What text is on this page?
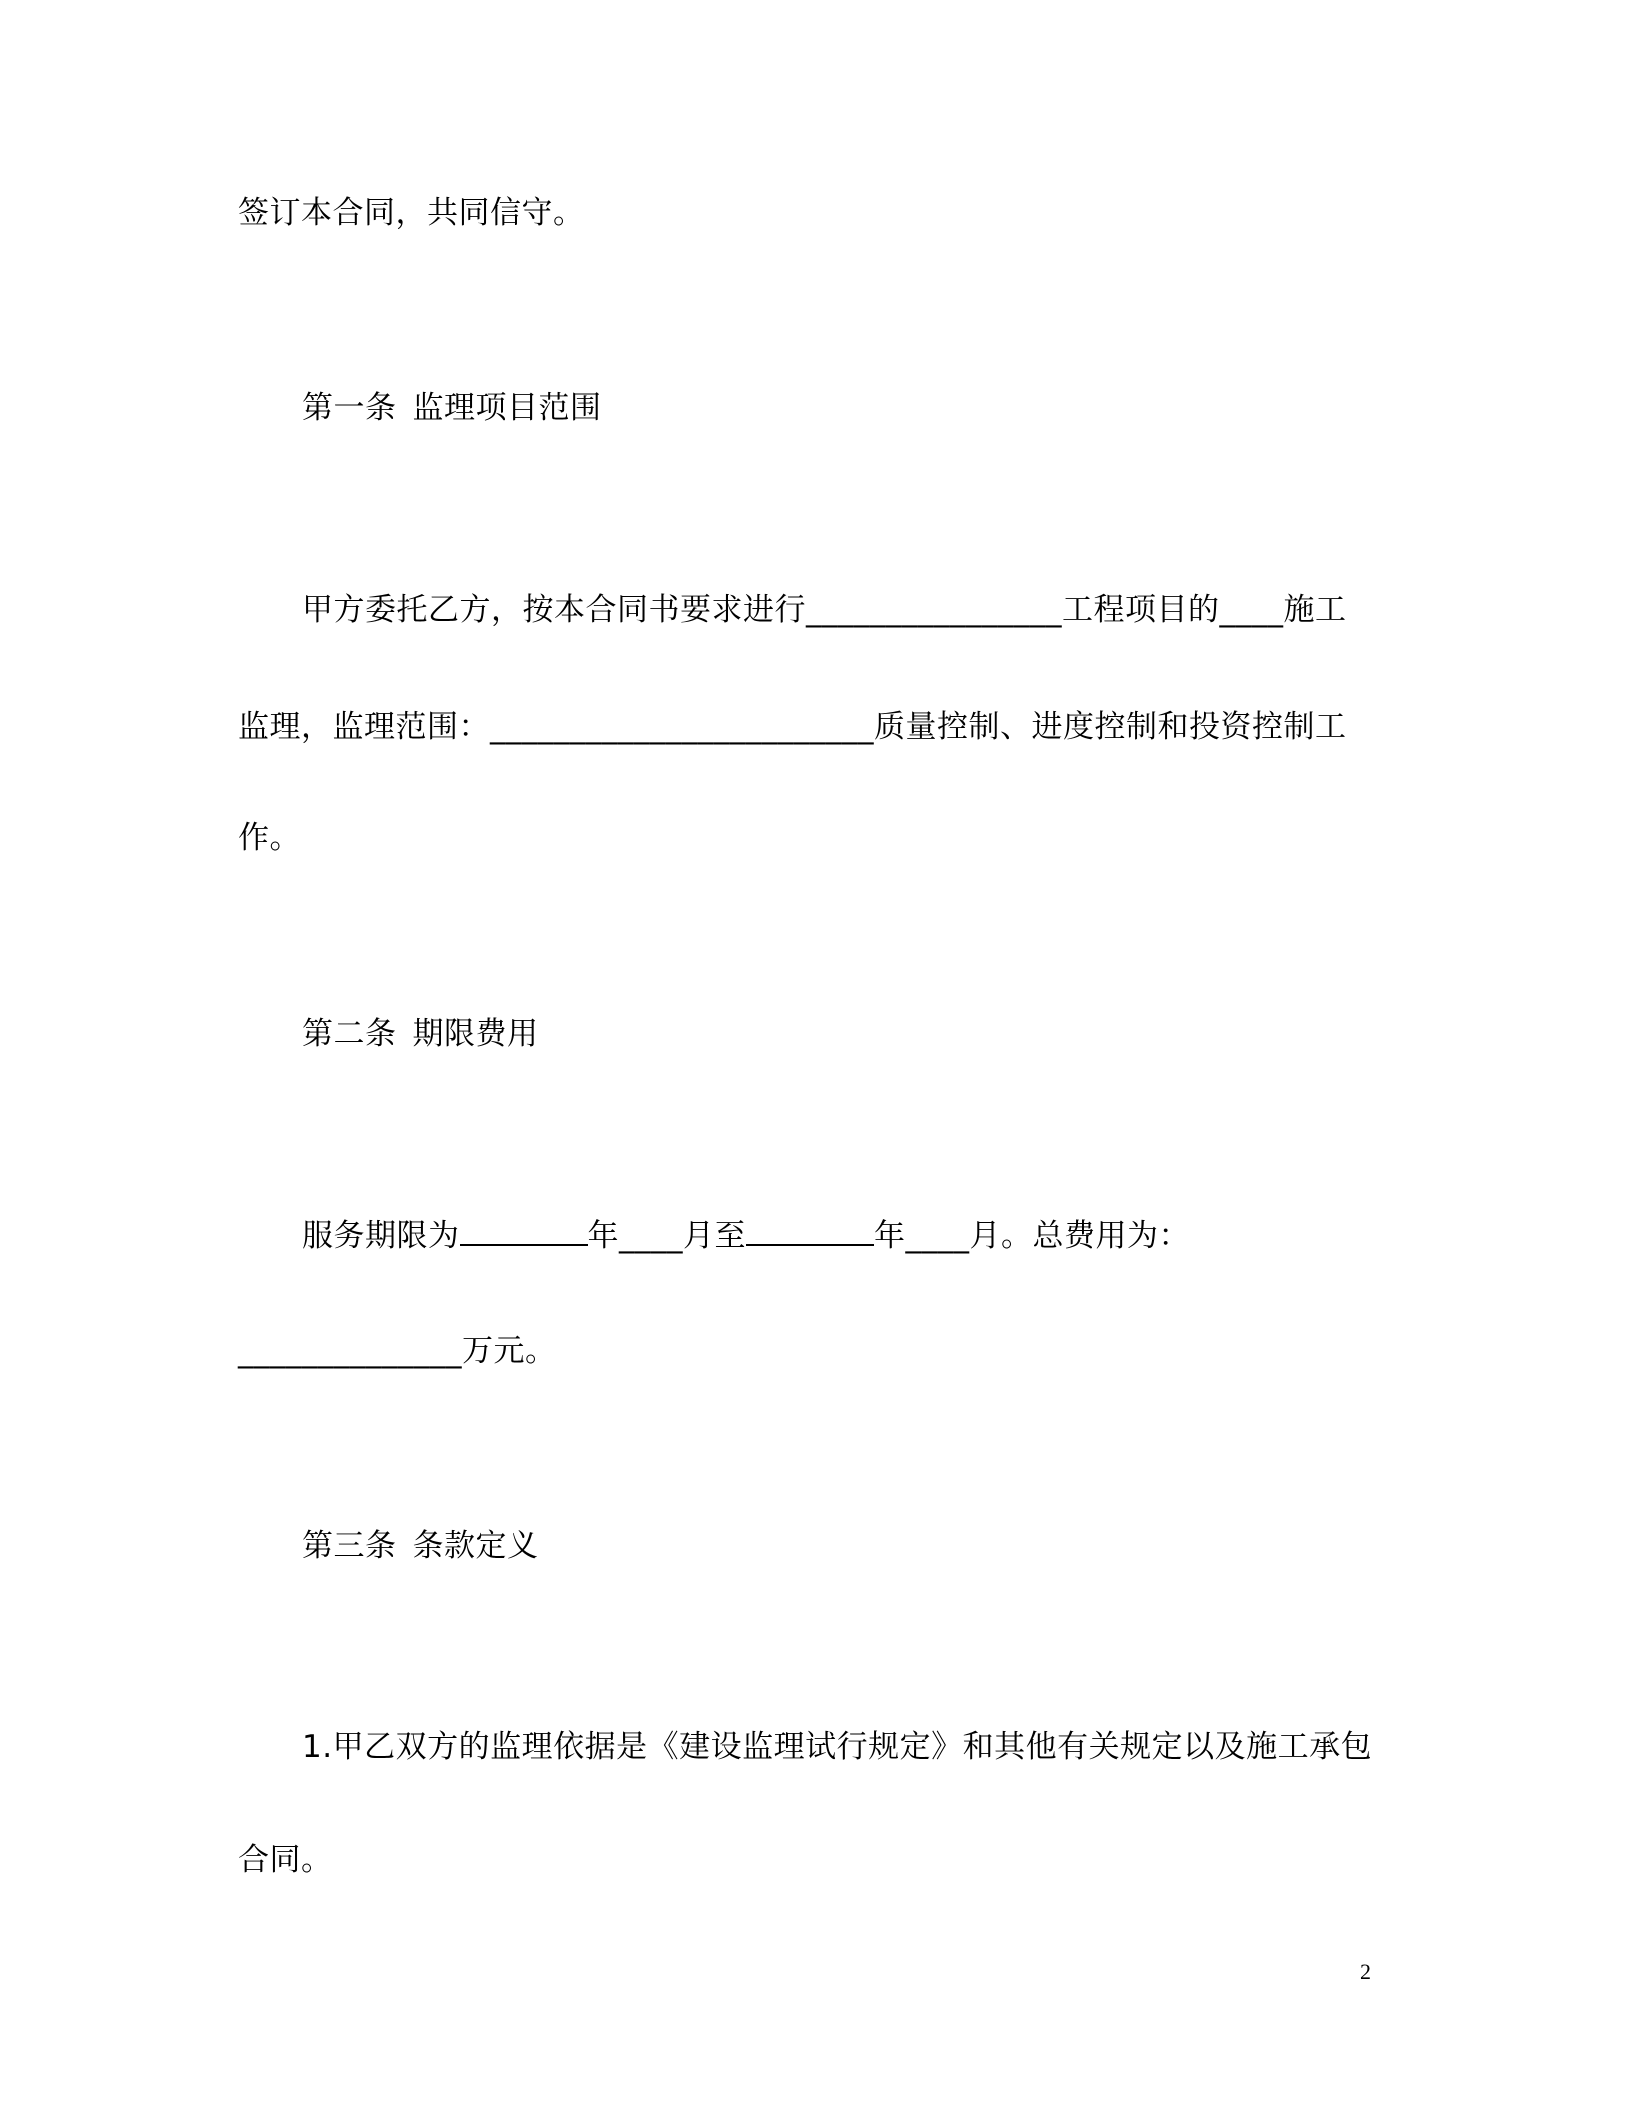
签订本合同，共同信守。
第一条 监理项目范围
甲方委托乙方，按本合同书要求进行________________工程项目的____施工
监理，监理范围：________________________质量控制、进度控制和投资控制工
作。
第二条 期限费用
服务期限为	年____月至	年____月。总费用为：
______________万元。
第三条 条款定义
1.甲乙双方的监理依据是《建设监理试行规定》和其他有关规定以及施工承包
合同。
2
